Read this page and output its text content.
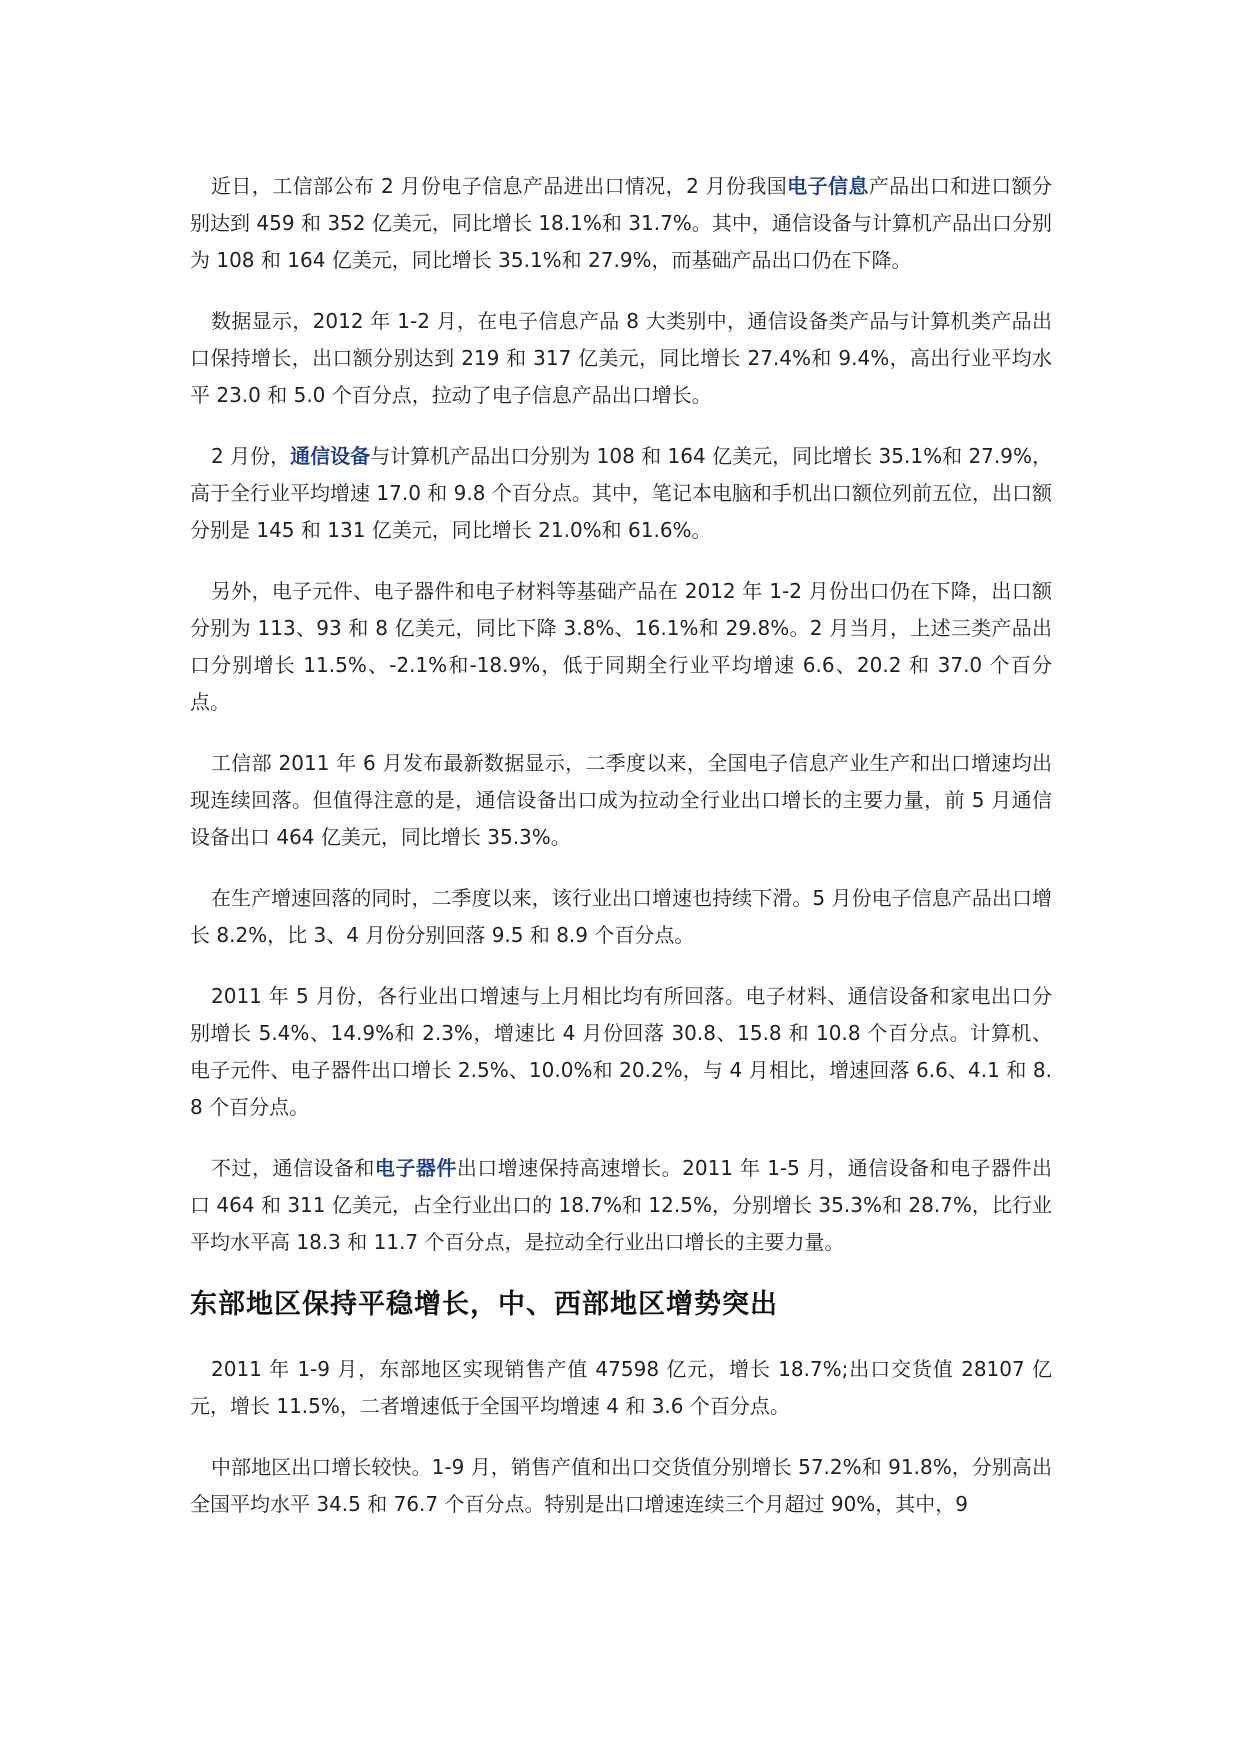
近日，工信部公布 2 月份电子信息产品进出口情况，2 月份我国电子信息产品出口和进口额分别达到 459 和 352 亿美元，同比增长 18.1%和 31.7%。其中，通信设备与计算机产品出口分别为 108 和 164 亿美元，同比增长 35.1%和 27.9%，而基础产品出口仍在下降。

数据显示，2012 年 1-2 月，在电子信息产品 8 大类别中，通信设备类产品与计算机类产品出口保持增长，出口额分别达到 219 和 317 亿美元，同比增长 27.4%和 9.4%，高出行业平均水平 23.0 和 5.0 个百分点，拉动了电子信息产品出口增长。

2 月份，通信设备与计算机产品出口分别为 108 和 164 亿美元，同比增长 35.1%和 27.9%，高于全行业平均增速 17.0 和 9.8 个百分点。其中，笔记本电脑和手机出口额位列前五位，出口额分别是 145 和 131 亿美元，同比增长 21.0%和 61.6%。

另外，电子元件、电子器件和电子材料等基础产品在 2012 年 1-2 月份出口仍在下降，出口额分别为 113、93 和 8 亿美元，同比下降 3.8%、16.1%和 29.8%。2 月当月，上述三类产品出口分别增长 11.5%、-2.1%和-18.9%，低于同期全行业平均增速 6.6、20.2 和 37.0 个百分点。

工信部 2011 年 6 月发布最新数据显示，二季度以来，全国电子信息产业生产和出口增速均出现连续回落。但值得注意的是，通信设备出口成为拉动全行业出口增长的主要力量，前 5 月通信设备出口 464 亿美元，同比增长 35.3%。

在生产增速回落的同时，二季度以来，该行业出口增速也持续下滑。5 月份电子信息产品出口增长 8.2%，比 3、4 月份分别回落 9.5 和 8.9 个百分点。

2011 年 5 月份，各行业出口增速与上月相比均有所回落。电子材料、通信设备和家电出口分别增长 5.4%、14.9%和 2.3%，增速比 4 月份回落 30.8、15.8 和 10.8 个百分点。计算机、电子元件、电子器件出口增长 2.5%、10.0%和 20.2%，与 4 月相比，增速回落 6.6、4.1 和 8.8 个百分点。

不过，通信设备和电子器件出口增速保持高速增长。2011 年 1-5 月，通信设备和电子器件出口 464 和 311 亿美元，占全行业出口的 18.7%和 12.5%，分别增长 35.3%和 28.7%，比行业平均水平高 18.3 和 11.7 个百分点，是拉动全行业出口增长的主要力量。

东部地区保持平稳增长，中、西部地区增势突出

2011 年 1-9 月，东部地区实现销售产值 47598 亿元，增长 18.7%;出口交货值 28107 亿元，增长 11.5%，二者增速低于全国平均增速 4 和 3.6 个百分点。

中部地区出口增长较快。1-9 月，销售产值和出口交货值分别增长 57.2%和 91.8%，分别高出全国平均水平 34.5 和 76.7 个百分点。特别是出口增速连续三个月超过 90%，其中，9
